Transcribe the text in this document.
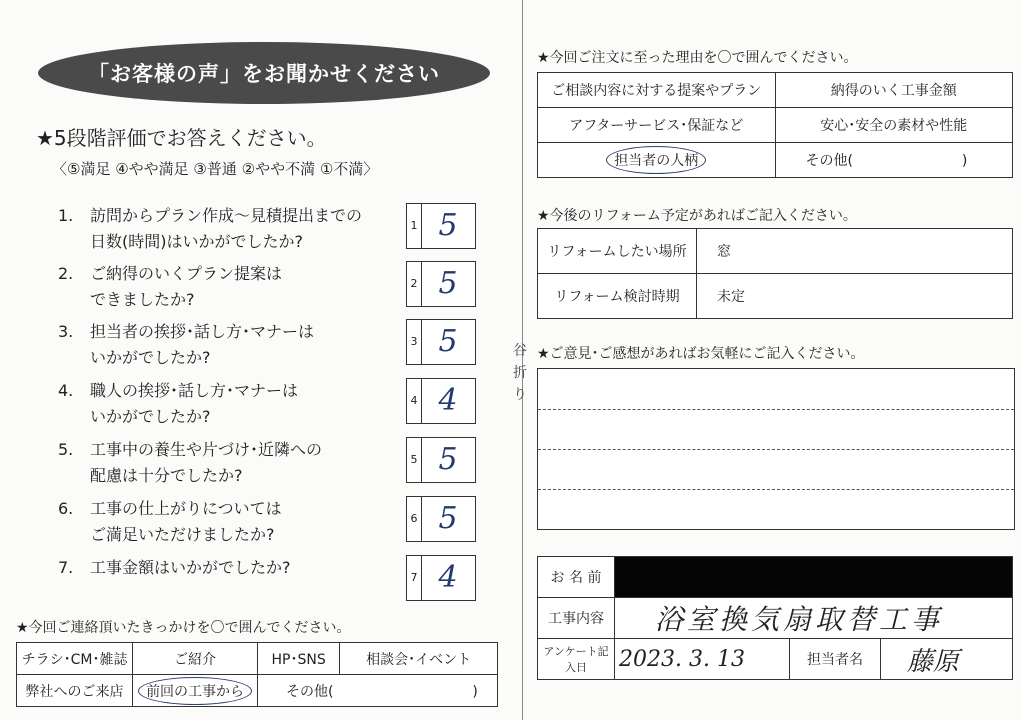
谷
折
り
「お客様の声」をお聞かせください
★5段階評価でお答えください。
〈⑤満足 ④やや満足 ③普通 ②やや不満 ①不満〉
1.	訪問からプラン作成～見積提出までの
日数(時間)はいかがでしたか?
1 5
2.	ご納得のいくプラン提案は
できましたか?
2 5
3.	担当者の挨拶･話し方･マナーは
いかがでしたか?
3 5
4.	職人の挨拶･話し方･マナーは
いかがでしたか?
4 4
5.	工事中の養生や片づけ･近隣への
配慮は十分でしたか?
5 5
6.	工事の仕上がりについては
ご満足いただけましたか?
6 5
7.	工事金額はいかがでしたか?
7 4
★今回ご連絡頂いたきっかけを〇で囲んでください。
チラシ･CM･雑誌	ご紹介	HP･SNS	相談会･イベント
弊社へのご来店	前回の工事から	その他( )	
★今回ご注文に至った理由を〇で囲んでください。
ご相談内容に対する提案やプラン	納得のいく工事金額
アフターサービス･保証など	安心･安全の素材や性能
担当者の人柄	その他( )
★今後のリフォーム予定があればご記入ください。
リフォームしたい場所	窓
リフォーム検討時期	未定
★ご意見･ご感想があればお気軽にご記入ください。
お 名 前			
工事内容	浴室換気扇取替工事		
アンケート記入日	2023. 3. 13	担当者名	藤原
